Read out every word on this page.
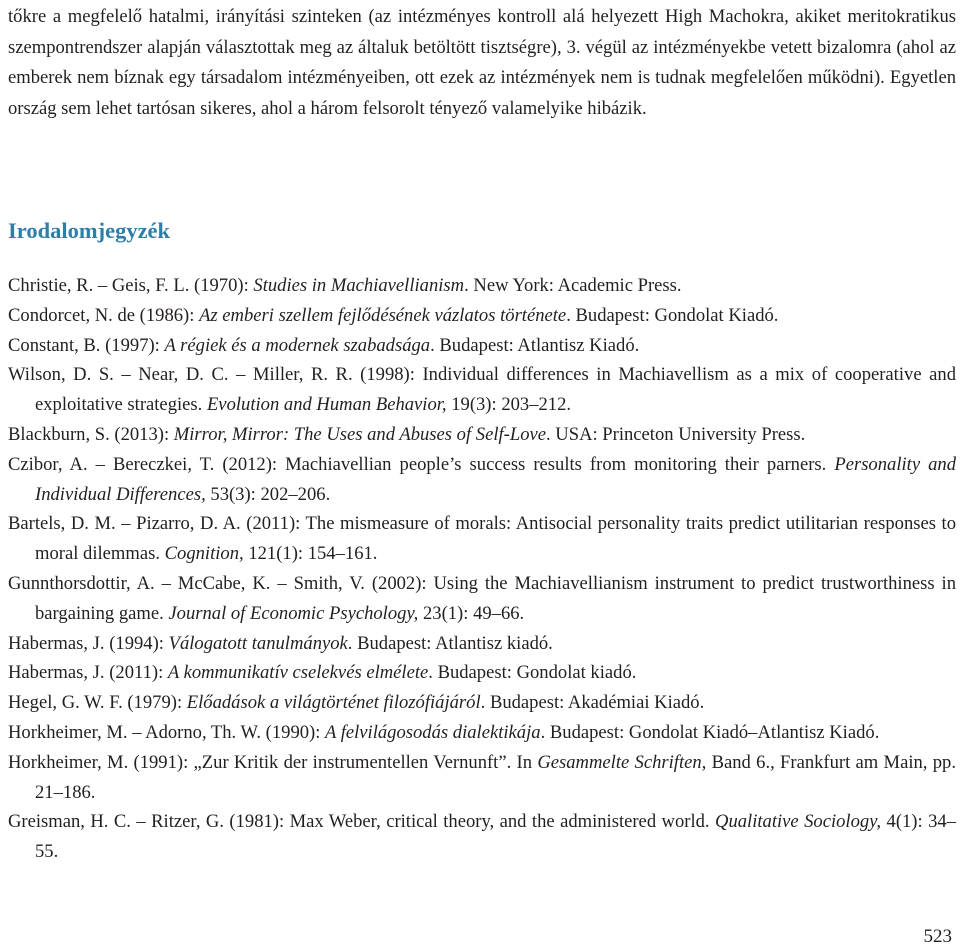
tőkre a megfelelő hatalmi, irányítási szinteken (az intézményes kontroll alá helyezett High Machokra, akiket meritokratikus szempontrendszer alapján választottak meg az általuk betöltött tisztségre), 3. végül az intézményekbe vetett bizalomra (ahol az emberek nem bíznak egy társadalom intézményeiben, ott ezek az intézmények nem is tudnak megfelelően működni). Egyetlen ország sem lehet tartósan sikeres, ahol a három felsorolt tényező valamelyike hibázik.

Irodalomjegyzék
Christie, R. – Geis, F. L. (1970): Studies in Machiavellianism. New York: Academic Press.
Condorcet, N. de (1986): Az emberi szellem fejlődésének vázlatos története. Budapest: Gondolat Kiadó.
Constant, B. (1997): A régiek és a modernek szabadsága. Budapest: Atlantisz Kiadó.
Wilson, D. S. – Near, D. C. – Miller, R. R. (1998): Individual differences in Machiavellism as a mix of cooperative and exploitative strategies. Evolution and Human Behavior, 19(3): 203–212.
Blackburn, S. (2013): Mirror, Mirror: The Uses and Abuses of Self-Love. USA: Princeton University Press.
Czibor, A. – Bereczkei, T. (2012): Machiavellian people’s success results from monitoring their parners. Personality and Individual Differences, 53(3): 202–206.
Bartels, D. M. – Pizarro, D. A. (2011): The mismeasure of morals: Antisocial personality traits predict utilitarian responses to moral dilemmas. Cognition, 121(1): 154–161.
Gunnthorsdottir, A. – McCabe, K. – Smith, V. (2002): Using the Machiavellianism instrument to predict trustworthiness in bargaining game. Journal of Economic Psychology, 23(1): 49–66.
Habermas, J. (1994): Válogatott tanulmányok. Budapest: Atlantisz kiadó.
Habermas, J. (2011): A kommunikatív cselekvés elmélete. Budapest: Gondolat kiadó.
Hegel, G. W. F. (1979): Előadások a világtörténet filozófiájáról. Budapest: Akadémiai Kiadó.
Horkheimer, M. – Adorno, Th. W. (1990): A felvilágosodás dialektikája. Budapest: Gondolat Kiadó–Atlantisz Kiadó.
Horkheimer, M. (1991): „Zur Kritik der instrumentellen Vernunft”. In Gesammelte Schriften, Band 6., Frankfurt am Main, pp. 21–186.
Greisman, H. C. – Ritzer, G. (1981): Max Weber, critical theory, and the administered world. Qualitative Sociology, 4(1): 34–55.
523
